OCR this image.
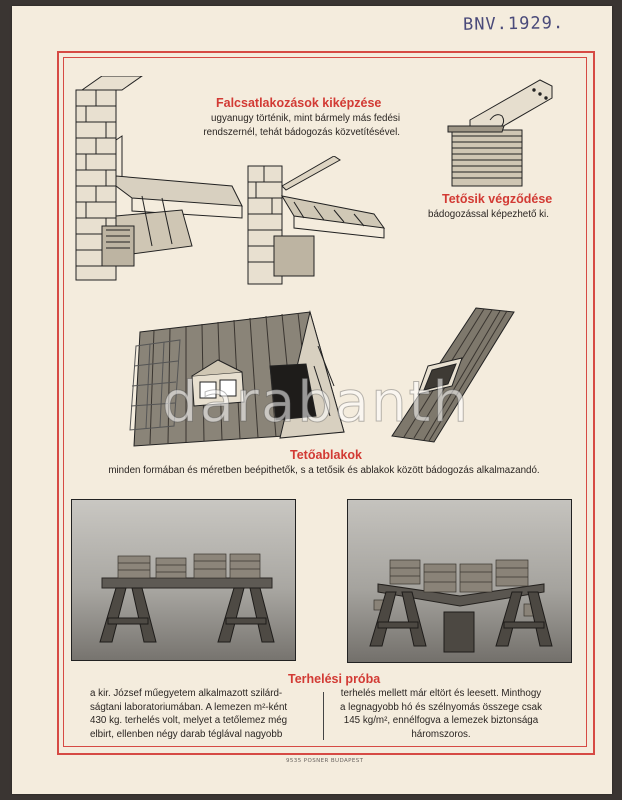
BNV.1929.
Falcsatlakozások kiképzése
ugyanugy történik, mint bármely más fedési
rendszernél, tehát bádogozás közvetítésével.
Tetősik végződése
bádogozással képezhető ki.
Tetőablakok
minden formában és méretben beépithetők, s a tetősik és ablakok között bádogozás alkalmazandó.
Terhelési próba
a kir. József műegyetem alkalmazott szilárd-
ságtani laboratoriumában. A lemezen m²-ként
430 kg. terhelés volt, melyet a tetőlemez még
elbirt, ellenben négy darab téglával nagyobb
terhelés mellett már eltört és leesett. Minthogy
a legnagyobb hó és szélnyomás összege csak
145 kg/m², ennélfogva a lemezek biztonsága
háromszoros.
9535 POSNER BUDAPEST
darabanth
